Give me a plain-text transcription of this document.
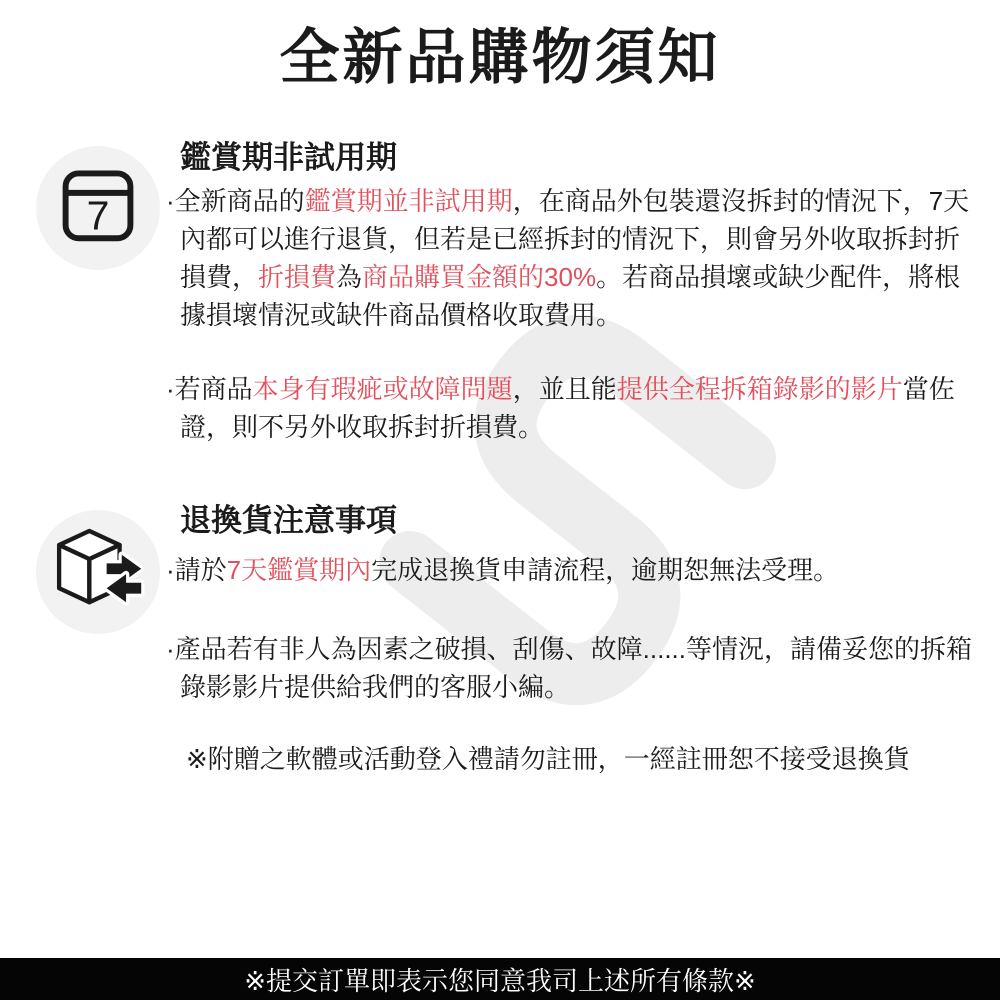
全新品購物須知
7
鑑賞期非試用期
·全新商品的鑑賞期並非試用期，在商品外包裝還沒拆封的情況下，7天
內都可以進行退貨，但若是已經拆封的情況下，則會另外收取拆封折
損費，折損費為商品購買金額的30%。若商品損壞或缺少配件，將根
據損壞情況或缺件商品價格收取費用。
·若商品本身有瑕疵或故障問題，並且能提供全程拆箱錄影的影片當佐
證，則不另外收取拆封折損費。
退換貨注意事項
·請於7天鑑賞期內完成退換貨申請流程，逾期恕無法受理。
·產品若有非人為因素之破損、刮傷、故障......等情況，請備妥您的拆箱
錄影影片提供給我們的客服小編。
※附贈之軟體或活動登入禮請勿註冊，一經註冊恕不接受退換貨
※提交訂單即表示您同意我司上述所有條款※
